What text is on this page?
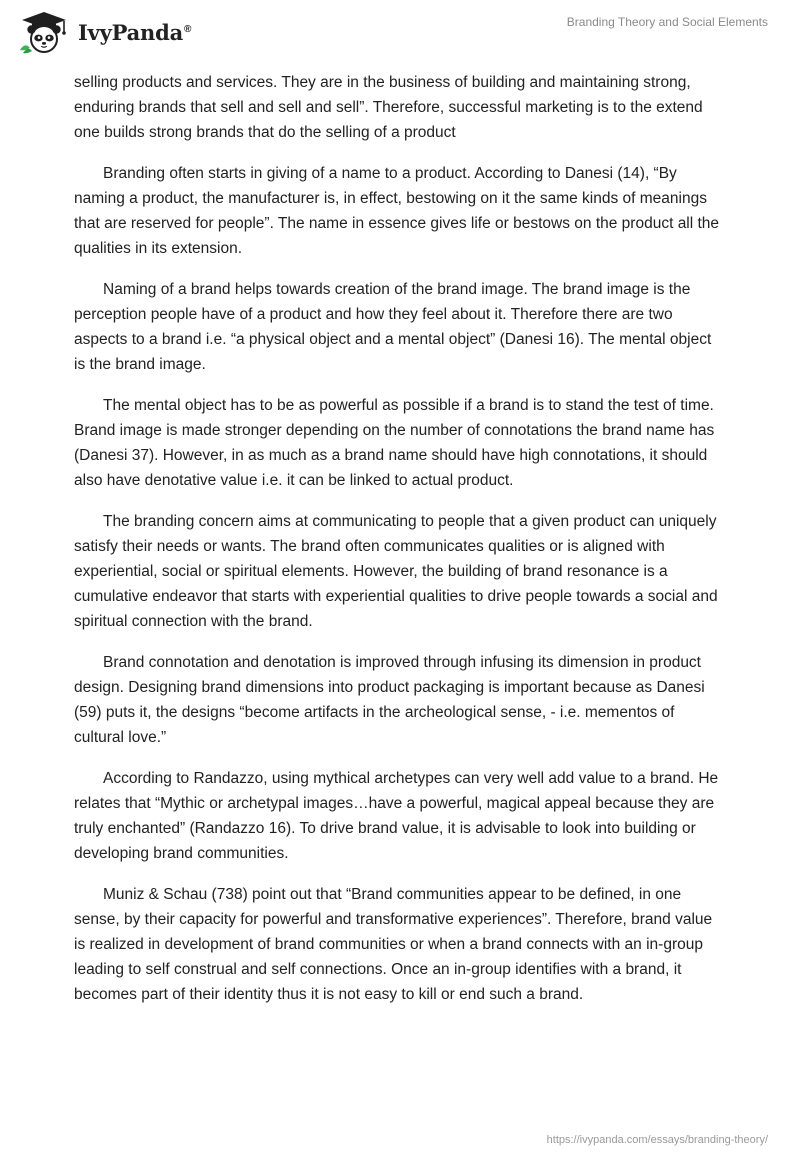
IvyPanda®	Branding Theory and Social Elements

selling products and services. They are in the business of building and maintaining strong, enduring brands that sell and sell and sell”. Therefore, successful marketing is to the extend one builds strong brands that do the selling of a product

Branding often starts in giving of a name to a product. According to Danesi (14), “By naming a product, the manufacturer is, in effect, bestowing on it the same kinds of meanings that are reserved for people”. The name in essence gives life or bestows on the product all the qualities in its extension.

Naming of a brand helps towards creation of the brand image. The brand image is the perception people have of a product and how they feel about it. Therefore there are two aspects to a brand i.e. “a physical object and a mental object” (Danesi 16). The mental object is the brand image.

The mental object has to be as powerful as possible if a brand is to stand the test of time. Brand image is made stronger depending on the number of connotations the brand name has (Danesi 37). However, in as much as a brand name should have high connotations, it should also have denotative value i.e. it can be linked to actual product.

The branding concern aims at communicating to people that a given product can uniquely satisfy their needs or wants. The brand often communicates qualities or is aligned with experiential, social or spiritual elements. However, the building of brand resonance is a cumulative endeavor that starts with experiential qualities to drive people towards a social and spiritual connection with the brand.

Brand connotation and denotation is improved through infusing its dimension in product design. Designing brand dimensions into product packaging is important because as Danesi (59) puts it, the designs “become artifacts in the archeological sense, - i.e. mementos of cultural love.”

According to Randazzo, using mythical archetypes can very well add value to a brand. He relates that “Mythic or archetypal images…have a powerful, magical appeal because they are truly enchanted” (Randazzo 16). To drive brand value, it is advisable to look into building or developing brand communities.

Muniz & Schau (738) point out that “Brand communities appear to be defined, in one sense, by their capacity for powerful and transformative experiences”. Therefore, brand value is realized in development of brand communities or when a brand connects with an in-group leading to self construal and self connections. Once an in-group identifies with a brand, it becomes part of their identity thus it is not easy to kill or end such a brand.

https://ivypanda.com/essays/branding-theory/
